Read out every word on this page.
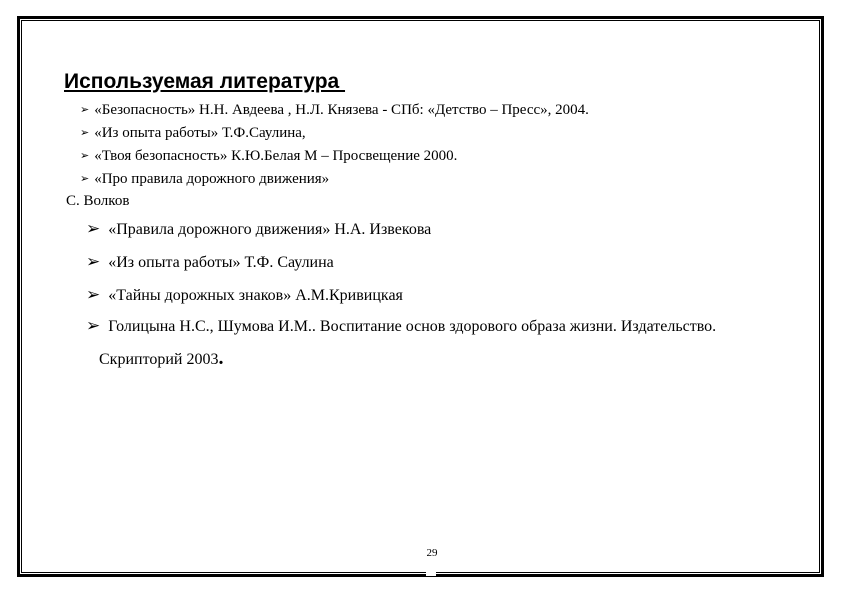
Используемая литература
➢ «Безопасность» Н.Н. Авдеева , Н.Л. Князева - СПб: «Детство – Пресс», 2004.
➢ «Из опыта работы» Т.Ф.Саулина,
➢ «Твоя безопасность» К.Ю.Белая М – Просвещение 2000.
➢ «Про правила дорожного движения»
С. Волков
➢ «Правила дорожного движения» Н.А. Извекова
➢ «Из опыта работы» Т.Ф. Саулина
➢ «Тайны дорожных знаков» А.М.Кривицкая
➢ Голицына Н.С., Шумова И.М.. Воспитание основ здорового образа жизни. Издательство.
Скрипторий 2003.
29
